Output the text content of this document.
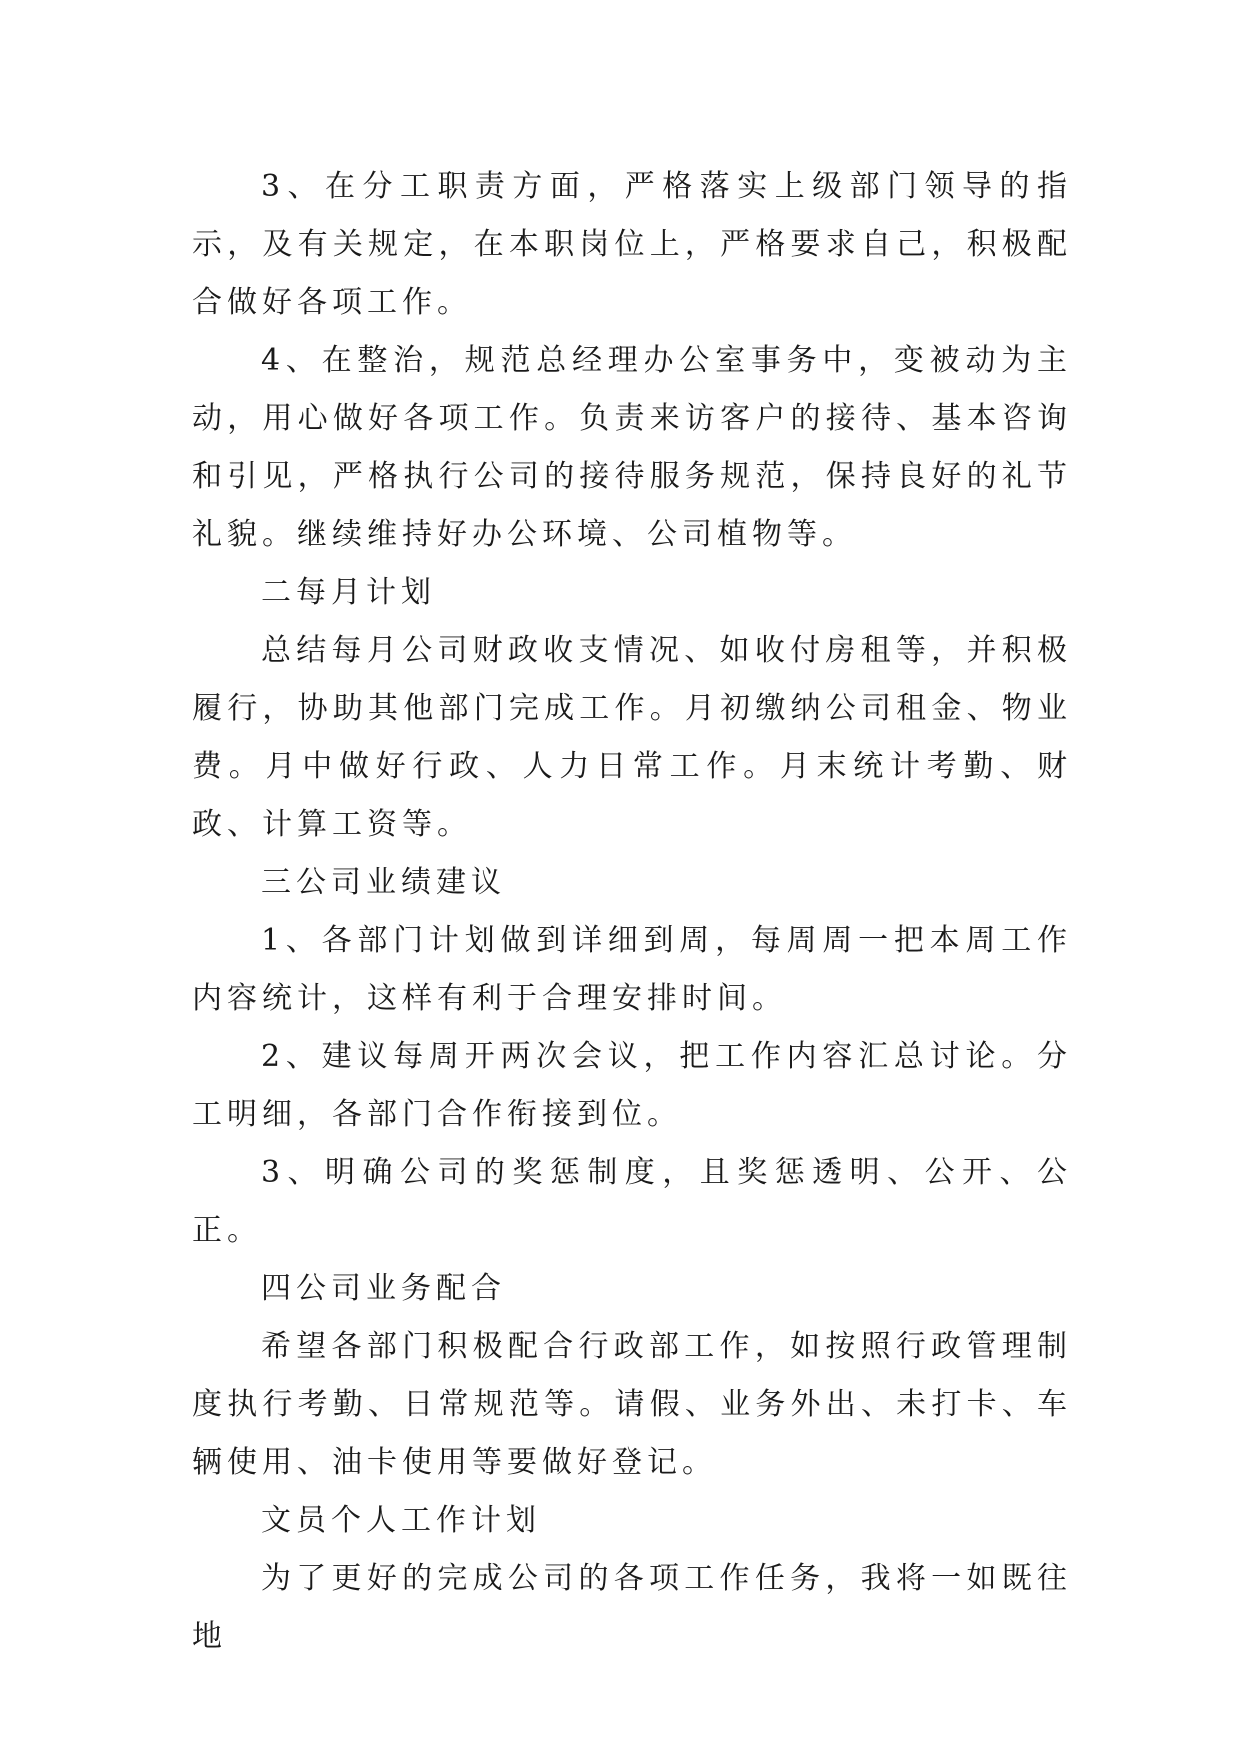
3、在分工职责方面，严格落实上级部门领导的指示，及有关规定，在本职岗位上，严格要求自己，积极配合做好各项工作。

4、在整治，规范总经理办公室事务中，变被动为主动，用心做好各项工作。负责来访客户的接待、基本咨询和引见，严格执行公司的接待服务规范，保持良好的礼节礼貌。继续维持好办公环境、公司植物等。

二每月计划

总结每月公司财政收支情况、如收付房租等，并积极履行，协助其他部门完成工作。月初缴纳公司租金、物业费。月中做好行政、人力日常工作。月末统计考勤、财政、计算工资等。

三公司业绩建议

1、各部门计划做到详细到周，每周周一把本周工作内容统计，这样有利于合理安排时间。

2、建议每周开两次会议，把工作内容汇总讨论。分工明细，各部门合作衔接到位。

3、明确公司的奖惩制度，且奖惩透明、公开、公正。

四公司业务配合

希望各部门积极配合行政部工作，如按照行政管理制度执行考勤、日常规范等。请假、业务外出、未打卡、车辆使用、油卡使用等要做好登记。

文员个人工作计划

为了更好的完成公司的各项工作任务，我将一如既往地
